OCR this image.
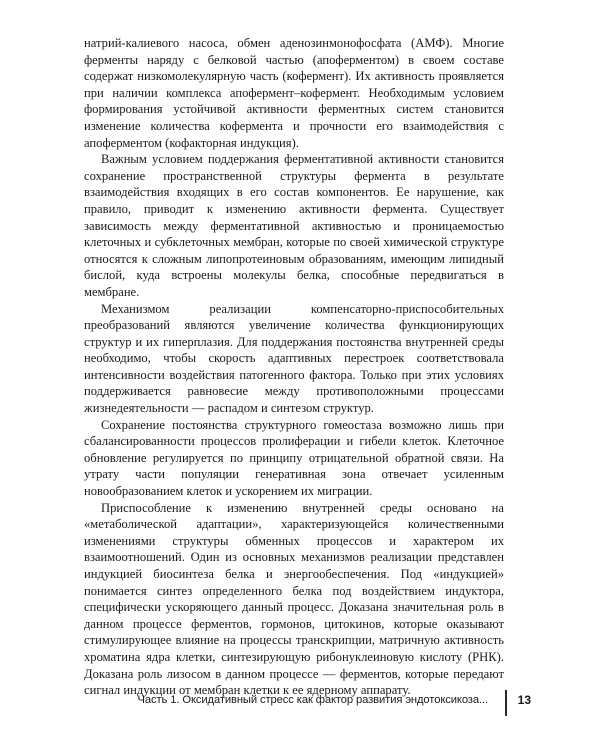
натрий-калиевого насоса, обмен аденозинмонофосфата (АМФ). Многие ферменты наряду с белковой частью (апоферментом) в своем составе содержат низкомолекулярную часть (кофермент). Их активность проявляется при наличии комплекса апофермент–кофермент. Необходимым условием формирования устойчивой активности ферментных систем становится изменение количества кофермента и прочности его взаимодействия с апоферментом (кофакторная индукция).

Важным условием поддержания ферментативной активности становится сохранение пространственной структуры фермента в результате взаимодействия входящих в его состав компонентов. Ее нарушение, как правило, приводит к изменению активности фермента. Существует зависимость между ферментативной активностью и проницаемостью клеточных и субклеточных мембран, которые по своей химической структуре относятся к сложным липопротеиновым образованиям, имеющим липидный бислой, куда встроены молекулы белка, способные передвигаться в мембране.

Механизмом реализации компенсаторно-приспособительных преобразований являются увеличение количества функционирующих структур и их гиперплазия. Для поддержания постоянства внутренней среды необходимо, чтобы скорость адаптивных перестроек соответствовала интенсивности воздействия патогенного фактора. Только при этих условиях поддерживается равновесие между противоположными процессами жизнедеятельности — распадом и синтезом структур.

Сохранение постоянства структурного гомеостаза возможно лишь при сбалансированности процессов пролиферации и гибели клеток. Клеточное обновление регулируется по принципу отрицательной обратной связи. На утрату части популяции генеративная зона отвечает усиленным новообразованием клеток и ускорением их миграции.

Приспособление к изменению внутренней среды основано на «метаболической адаптации», характеризующейся количественными изменениями структуры обменных процессов и характером их взаимоотношений. Один из основных механизмов реализации представлен индукцией биосинтеза белка и энергообеспечения. Под «индукцией» понимается синтез определенного белка под воздействием индуктора, специфически ускоряющего данный процесс. Доказана значительная роль в данном процессе ферментов, гормонов, цитокинов, которые оказывают стимулирующее влияние на процессы транскрипции, матричную активность хроматина ядра клетки, синтезирующую рибонуклеиновую кислоту (РНК). Доказана роль лизосом в данном процессе — ферментов, которые передают сигнал индукции от мембран клетки к ее ядерному аппарату.

Часть 1. Оксидативный стресс как фактор развития эндотоксикоза... 13
